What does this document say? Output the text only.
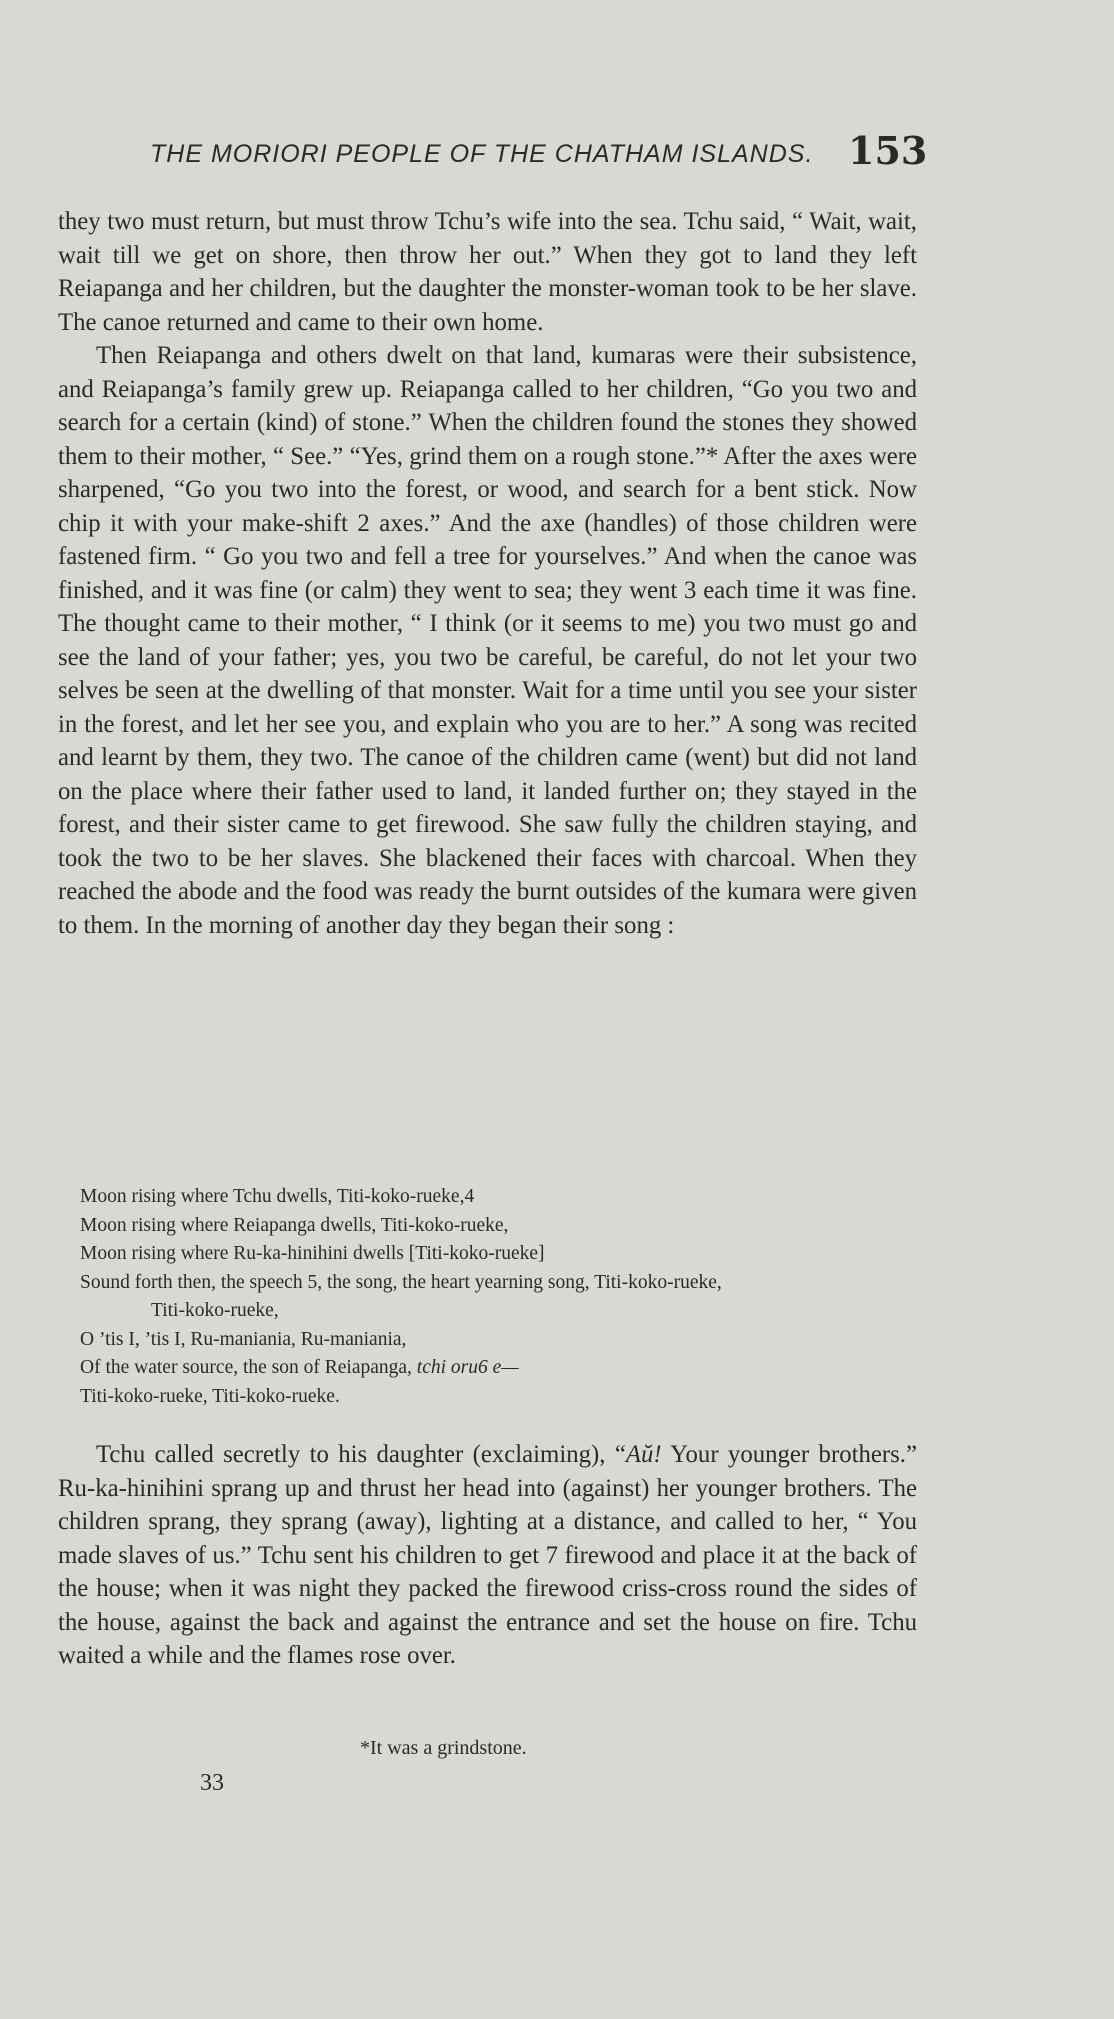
THE MORIORI PEOPLE OF THE CHATHAM ISLANDS. 153

they two must return, but must throw Tchu’s wife into the sea. Tchu said, “ Wait, wait, wait till we get on shore, then throw her out.” When they got to land they left Reiapanga and her children, but the daughter the monster-woman took to be her slave. The canoe returned and came to their own home.

Then Reiapanga and others dwelt on that land, kumaras were their subsistence, and Reiapanga’s family grew up. Reiapanga called to her children, “Go you two and search for a certain (kind) of stone.” When the children found the stones they showed them to their mother, “ See.” “Yes, grind them on a rough stone.”* After the axes were sharpened, “Go you two into the forest, or wood, and search for a bent stick. Now chip it with your make-shift 2 axes.” And the axe (handles) of those children were fastened firm. “ Go you two and fell a tree for yourselves.” And when the canoe was finished, and it was fine (or calm) they went to sea; they went 3 each time it was fine. The thought came to their mother, “ I think (or it seems to me) you two must go and see the land of your father; yes, you two be careful, be careful, do not let your two selves be seen at the dwelling of that monster. Wait for a time until you see your sister in the forest, and let her see you, and explain who you are to her.” A song was recited and learnt by them, they two. The canoe of the children came (went) but did not land on the place where their father used to land, it landed further on; they stayed in the forest, and their sister came to get firewood. She saw fully the children staying, and took the two to be her slaves. She blackened their faces with charcoal. When they reached the abode and the food was ready the burnt outsides of the kumara were given to them. In the morning of another day they began their song :

Moon rising where Tchu dwells, Titi-koko-rueke,4
Moon rising where Reiapanga dwells, Titi-koko-rueke,
Moon rising where Ru-ka-hinihini dwells [Titi-koko-rueke]
Sound forth then, the speech 5, the song, the heart yearning song, Titi-koko-rueke,
Titi-koko-rueke,
O ’tis I, ’tis I, Ru-maniania, Ru-maniania,
Of the water source, the son of Reiapanga, tchi oru6 e—
Titi-koko-rueke, Titi-koko-rueke.

Tchu called secretly to his daughter (exclaiming), “Aŭ! Your younger brothers.” Ru-ka-hinihini sprang up and thrust her head into (against) her younger brothers. The children sprang, they sprang (away), lighting at a distance, and called to her, “ You made slaves of us.” Tchu sent his children to get 7 firewood and place it at the back of the house; when it was night they packed the firewood criss-cross round the sides of the house, against the back and against the entrance and set the house on fire. Tchu waited a while and the flames rose over.

*It was a grindstone.
33
